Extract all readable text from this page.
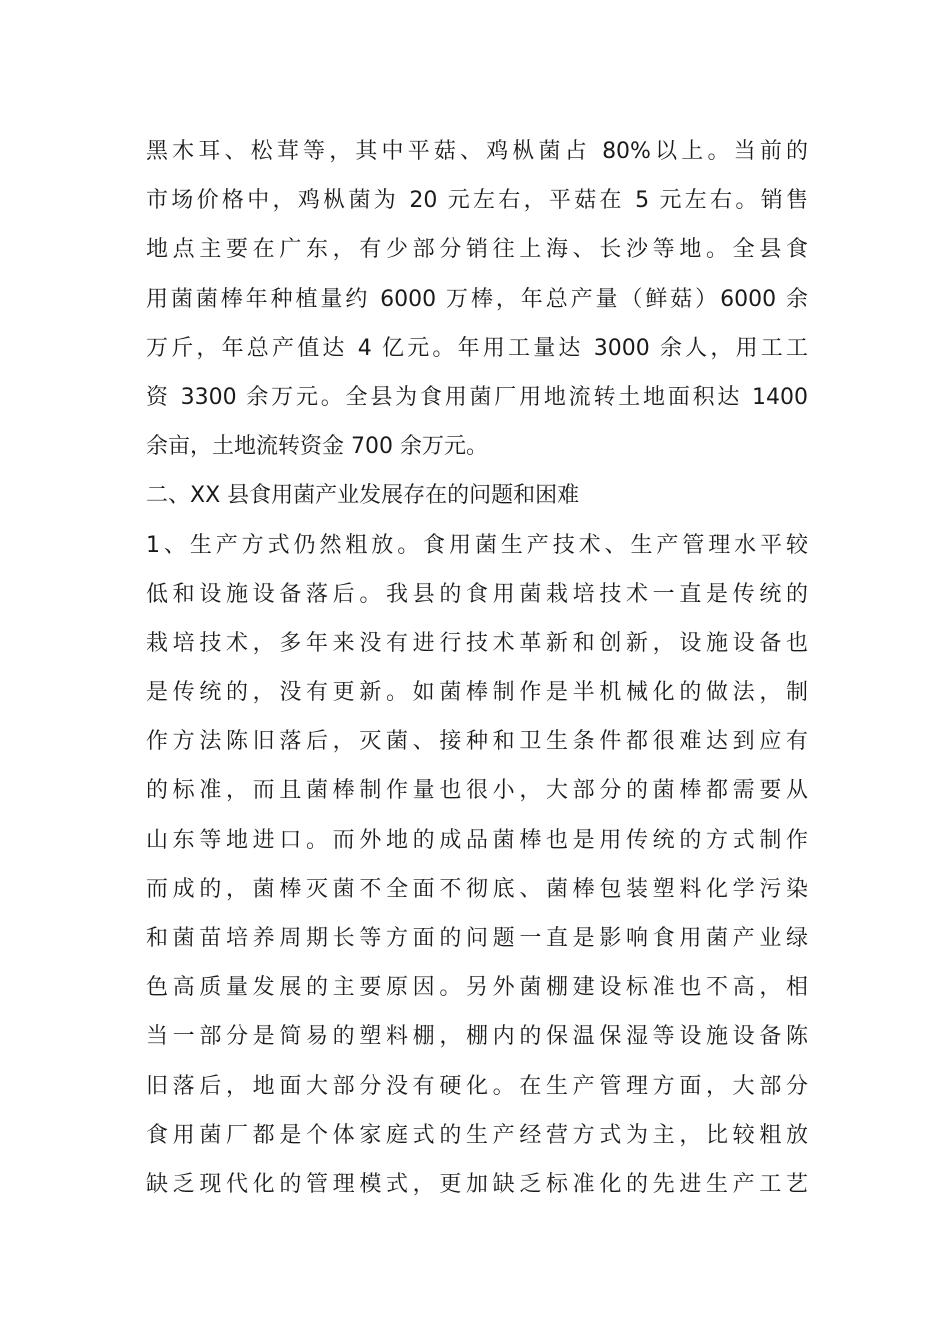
黑木耳、松茸等，其中平菇、鸡枞菌占 80%以上。当前的
市场价格中，鸡枞菌为 20 元左右，平菇在 5 元左右。销售
地点主要在广东，有少部分销往上海、长沙等地。全县食
用菌菌棒年种植量约 6000 万棒，年总产量（鲜菇）6000 余
万斤，年总产值达 4 亿元。年用工量达 3000 余人，用工工
资 3300 余万元。全县为食用菌厂用地流转土地面积达 1400
余亩，土地流转资金 700 余万元。
二、XX 县食用菌产业发展存在的问题和困难
1、生产方式仍然粗放。食用菌生产技术、生产管理水平较
低和设施设备落后。我县的食用菌栽培技术一直是传统的
栽培技术，多年来没有进行技术革新和创新，设施设备也
是传统的，没有更新。如菌棒制作是半机械化的做法，制
作方法陈旧落后，灭菌、接种和卫生条件都很难达到应有
的标准，而且菌棒制作量也很小，大部分的菌棒都需要从
山东等地进口。而外地的成品菌棒也是用传统的方式制作
而成的，菌棒灭菌不全面不彻底、菌棒包装塑料化学污染
和菌苗培养周期长等方面的问题一直是影响食用菌产业绿
色高质量发展的主要原因。另外菌棚建设标准也不高，相
当一部分是简易的塑料棚，棚内的保温保湿等设施设备陈
旧落后，地面大部分没有硬化。在生产管理方面，大部分
食用菌厂都是个体家庭式的生产经营方式为主，比较粗放
缺乏现代化的管理模式，更加缺乏标准化的先进生产工艺
